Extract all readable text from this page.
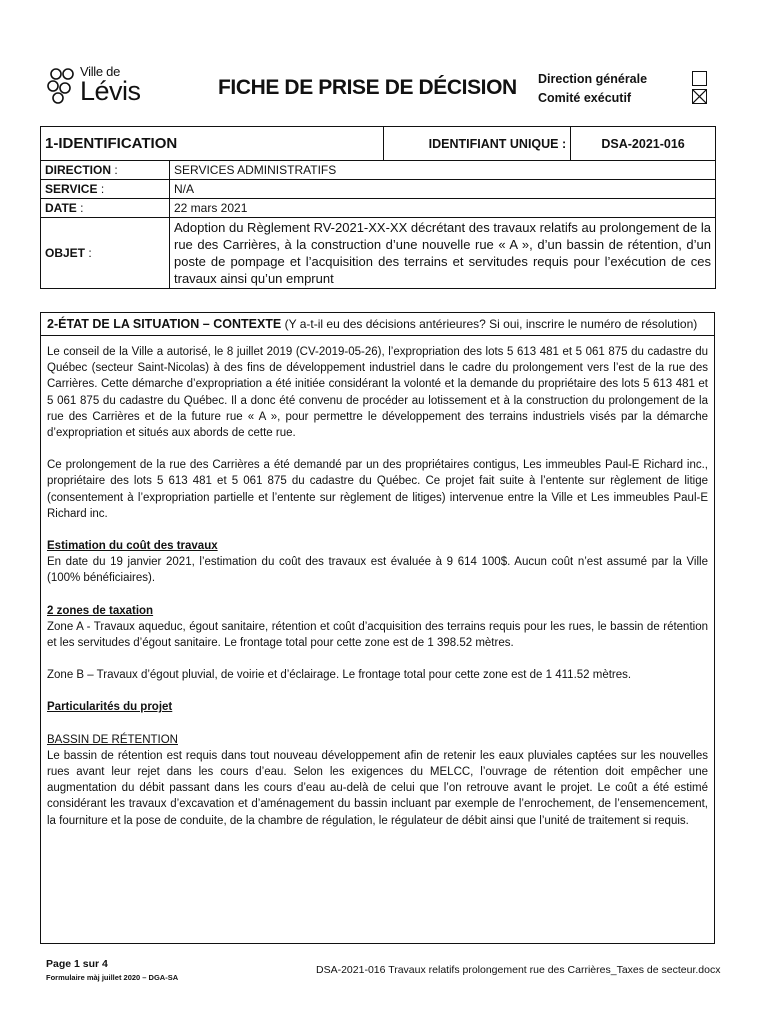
Ville de
Lévis	FICHE DE PRISE DE DÉCISION Direction générale
Comité exécutif
1-IDENTIFICATION		IDENTIFIANT UNIQUE :	DSA-2021-016
DIRECTION :	SERVICES ADMINISTRATIFS		
SERVICE :	N/A		
DATE :	22 mars 2021		
OBJET :	Adoption du Règlement RV-2021-XX-XX décrétant des travaux relatifs au prolongement de la rue des Carrières, à la construction d’une nouvelle rue « A », d’un bassin de rétention, d’un poste de pompage et l’acquisition des terrains et servitudes requis pour l’exécution de ces travaux ainsi qu’un emprunt		
2-ÉTAT DE LA SITUATION – CONTEXTE (Y a-t-il eu des décisions antérieures? Si oui, inscrire le numéro de résolution)

Le conseil de la Ville a autorisé, le 8 juillet 2019 (CV-2019-05-26), l’expropriation des lots 5 613 481 et 5 061 875 du cadastre du Québec (secteur Saint-Nicolas) à des fins de développement industriel dans le cadre du prolongement vers l’est de la rue des Carrières. Cette démarche d’expropriation a été initiée considérant la volonté et la demande du propriétaire des lots 5 613 481 et 5 061 875 du cadastre du Québec. Il a donc été convenu de procéder au lotissement et à la construction du prolongement de la rue des Carrières et de la future rue « A », pour permettre le développement des terrains industriels visés par la démarche d’expropriation et situés aux abords de cette rue.

Ce prolongement de la rue des Carrières a été demandé par un des propriétaires contigus, Les immeubles Paul-E Richard inc., propriétaire des lots 5 613 481 et 5 061 875 du cadastre du Québec. Ce projet fait suite à l’entente sur règlement de litige (consentement à l’expropriation partielle et l’entente sur règlement de litiges) intervenue entre la Ville et Les immeubles Paul-E Richard inc.

Estimation du coût des travaux

En date du 19 janvier 2021, l’estimation du coût des travaux est évaluée à 9 614 100$. Aucun coût n’est assumé par la Ville (100% bénéficiaires).

2 zones de taxation

Zone A - Travaux aqueduc, égout sanitaire, rétention et coût d’acquisition des terrains requis pour les rues, le bassin de rétention et les servitudes d’égout sanitaire. Le frontage total pour cette zone est de 1 398.52 mètres.

Zone B – Travaux d’égout pluvial, de voirie et d’éclairage. Le frontage total pour cette zone est de 1 411.52 mètres.

Particularités du projet

BASSIN DE RÉTENTION

Le bassin de rétention est requis dans tout nouveau développement afin de retenir les eaux pluviales captées sur les nouvelles rues avant leur rejet dans les cours d’eau. Selon les exigences du MELCC, l’ouvrage de rétention doit empêcher une augmentation du débit passant dans les cours d’eau au-delà de celui que l’on retrouve avant le projet. Le coût a été estimé considérant les travaux d’excavation et d’aménagement du bassin incluant par exemple de l’enrochement, de l’ensemencement, la fourniture et la pose de conduite, de la chambre de régulation, le régulateur de débit ainsi que l’unité de traitement si requis.

Page 1 sur 4
Formulaire màj juillet 2020 – DGA-SA
DSA-2021-016 Travaux relatifs prolongement rue des Carrières_Taxes de secteur.docx
